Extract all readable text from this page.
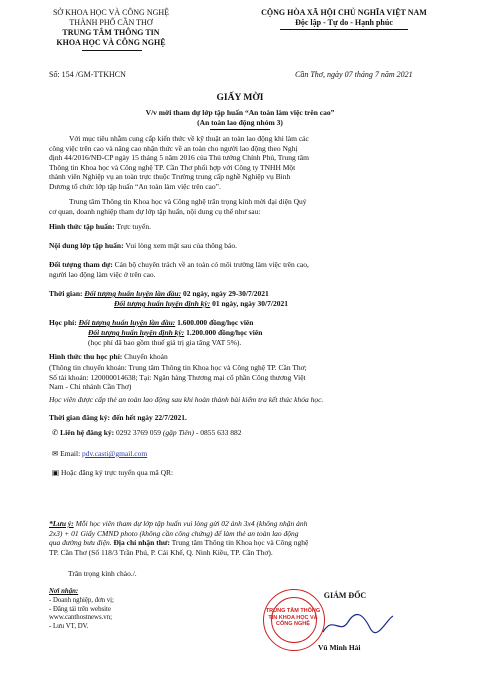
SỞ KHOA HỌC VÀ CÔNG NGHỆ
THÀNH PHỐ CẦN THƠ
TRUNG TÂM THÔNG TIN
KHOA HỌC VÀ CÔNG NGHỆ
CỘNG HÒA XÃ HỘI CHỦ NGHĨA VIỆT NAM
Độc lập - Tự do - Hạnh phúc
Số: 154 /GM-TTKHCN	Cần Thơ, ngày 07 tháng 7 năm 2021
GIẤY MỜI
V/v mời tham dự lớp tập huấn “An toàn làm việc trên cao”
(An toàn lao động nhóm 3)
Với mục tiêu nhằm cung cấp kiến thức về kỹ thuật an toàn lao động khi làm các
công việc trên cao và nâng cao nhận thức về an toàn cho người lao động theo Nghị
định 44/2016/NĐ-CP ngày 15 tháng 5 năm 2016 của Thủ tướng Chính Phủ, Trung tâm
Thông tin Khoa học và Công nghệ TP. Cần Thơ phối hợp với Công ty TNHH Một
thành viên Nghiệp vụ an toàn trực thuộc Trường trung cấp nghề Nghiệp vụ Bình
Dương tổ chức lớp tập huấn “An toàn làm việc trên cao”.
Trung tâm Thông tin Khoa học và Công nghệ trân trọng kính mời đại diện Quý
cơ quan, doanh nghiệp tham dự lớp tập huấn, nội dung cụ thể như sau:
Hình thức tập huấn: Trực tuyến.
Nội dung lớp tập huấn: Vui lòng xem mặt sau của thông báo.
Đối tượng tham dự: Cán bộ chuyên trách về an toàn có môi trường làm việc trên cao,
người lao động làm việc ở trên cao.
Thời gian: Đối tượng huấn luyện lần đầu: 02 ngày, ngày 29-30/7/2021
Đối tượng huấn luyện định kỳ: 01 ngày, ngày 30/7/2021
Học phí: Đối tượng huấn luyện lần đầu: 1.600.000 đồng/học viên
Đối tượng huấn luyện định kỳ: 1.200.000 đồng/học viên
(học phí đã bao gồm thuế giá trị gia tăng VAT 5%).
Hình thức thu học phí: Chuyển khoản
(Thông tin chuyển khoản: Trung tâm Thông tin Khoa học và Công nghệ TP. Cần Thơ;
Số tài khoản: 120000014638; Tại: Ngân hàng Thương mại cổ phần Công thương Việt
Nam - Chi nhánh Cần Thơ)
Học viên được cấp thẻ an toàn lao động sau khi hoàn thành bài kiểm tra kết thúc khóa học.
Thời gian đăng ký: đến hết ngày 22/7/2021.
✆ Liên hệ đăng ký: 0292 3769 059 (gặp Tiên) - 0855 633 882
✉ Email: pdv.casti@gmail.com
▣ Hoặc đăng ký trực tuyến qua mã QR:
*Lưu ý: Mỗi học viên tham dự lớp tập huấn vui lòng gửi 02 ảnh 3x4 (không nhận ảnh
2x3) + 01 Giấy CMND photo (không cần công chứng) để làm thẻ an toàn lao động
qua đường bưu điện. Địa chỉ nhận thư: Trung tâm Thông tin Khoa học và Công nghệ
TP. Cần Thơ (Số 118/3 Trần Phú, P. Cái Khế, Q. Ninh Kiều, TP. Cần Thơ).
Trân trọng kính chào./.
Nơi nhận:
- Doanh nghiệp, đơn vị;
- Đăng tải trên website
www.canthostnews.vn;
- Lưu VT, DV.
GIÁM ĐỐC
TRUNG TÂM THÔNG TIN KHOA HỌC VÀ CÔNG NGHỆ
Vũ Minh Hải
